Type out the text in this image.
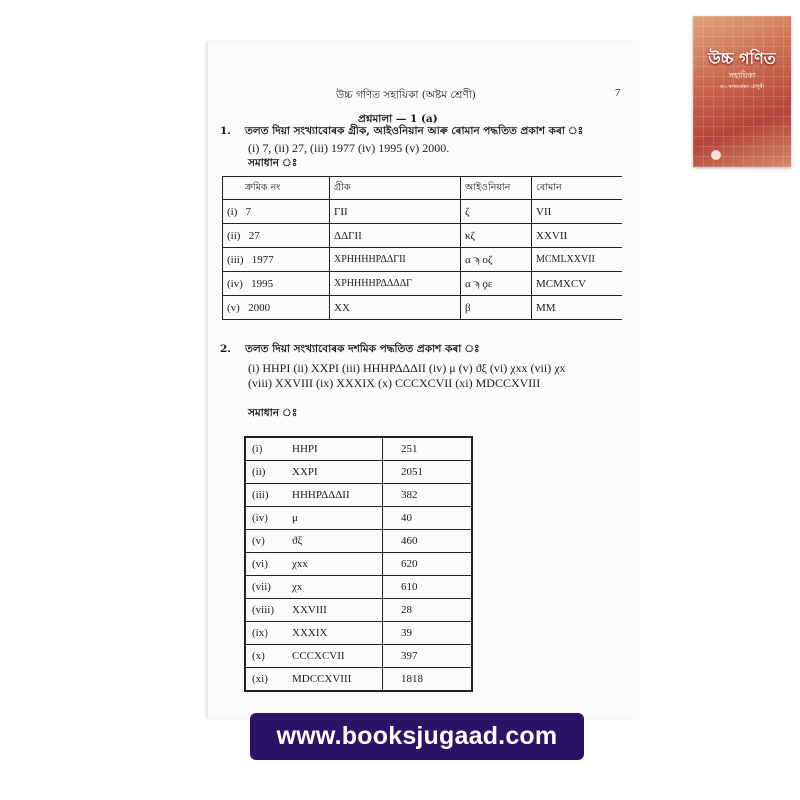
উচ্চ গণিত সহায়িকা (অষ্টম শ্ৰেণী)	7
প্ৰশ্নমালা — 1 (a)
1. তলত দিয়া সংখ্যাবোৰক গ্ৰীক, আইওনিয়ান আৰু ৰোমান পদ্ধতিত প্ৰকাশ কৰা ঃ
(i) 7, (ii) 27, (iii) 1977 (iv) 1995 (v) 2000.
সমাধান ঃ
ক্ৰমিক নং	গ্ৰীক	আইওনিয়ান	ৰোমান
(i) 7	ΓΙΙ	ζ	VII
(ii) 27	ΔΔΓΙΙ	κζ	XXVII
(iii) 1977	XΡHHHHΡΔΔΓΙΙ	α ϡ οζ	MCMLXXVII
(iv) 1995	XΡHHHHΡΔΔΔΔΓ	α ϡ ϙε	MCMXCV
(v) 2000	XX	β	MM
2. তলত দিয়া সংখ্যাবোৰক দশমিক পদ্ধতিত প্ৰকাশ কৰা ঃ
(i) HHΡΙ (ii) XXΡΙ (iii) HHHΡΔΔΔΙΙ (iv) μ (v) ϑξ (vi) χxx (vii) χx
(viii) XXVIII (ix) XXXIX (x) CCCXCVII (xi) MDCCXVIII
সমাধান ঃ
(i) HHΡΙ	251
(ii) XXΡΙ	2051
(iii) HHHΡΔΔΔΙΙ	382
(iv) μ	40
(v) ϑξ	460
(vi) χxx	620
(vii) χx	610
(viii) XXVIII	28
(ix) XXXIX	39
(x) CCCXCVII	397
(xi) MDCCXVIII	1818
উচ্চ গণিত
সহায়িকা
ড০ ৰাজমোহন চৌধুৰী
www.booksjugaad.com
